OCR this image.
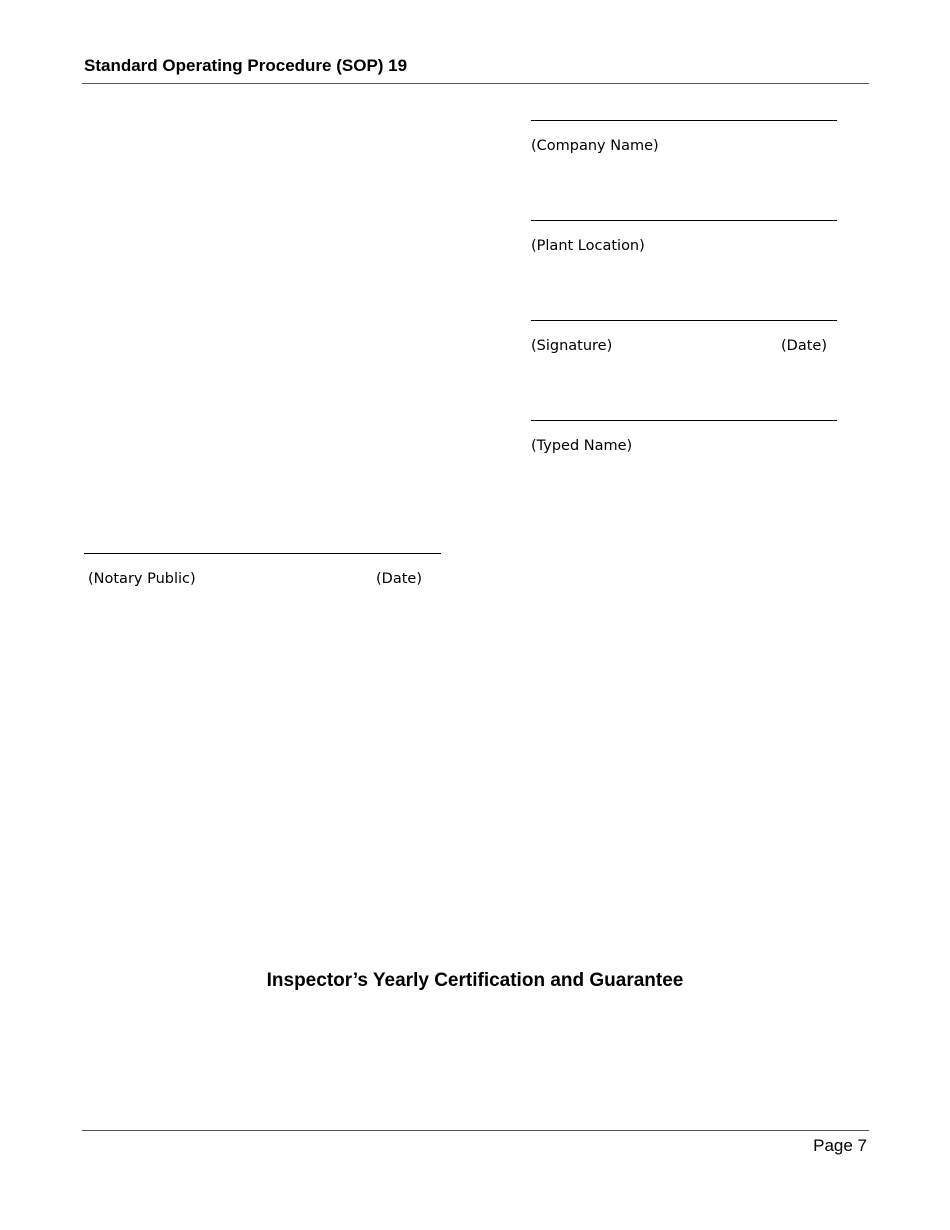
Standard Operating Procedure (SOP) 19
(Company Name)
(Plant Location)
(Signature)	(Date)
(Typed Name)
(Notary Public)	(Date)
Inspector’s Yearly Certification and Guarantee
Page 7
